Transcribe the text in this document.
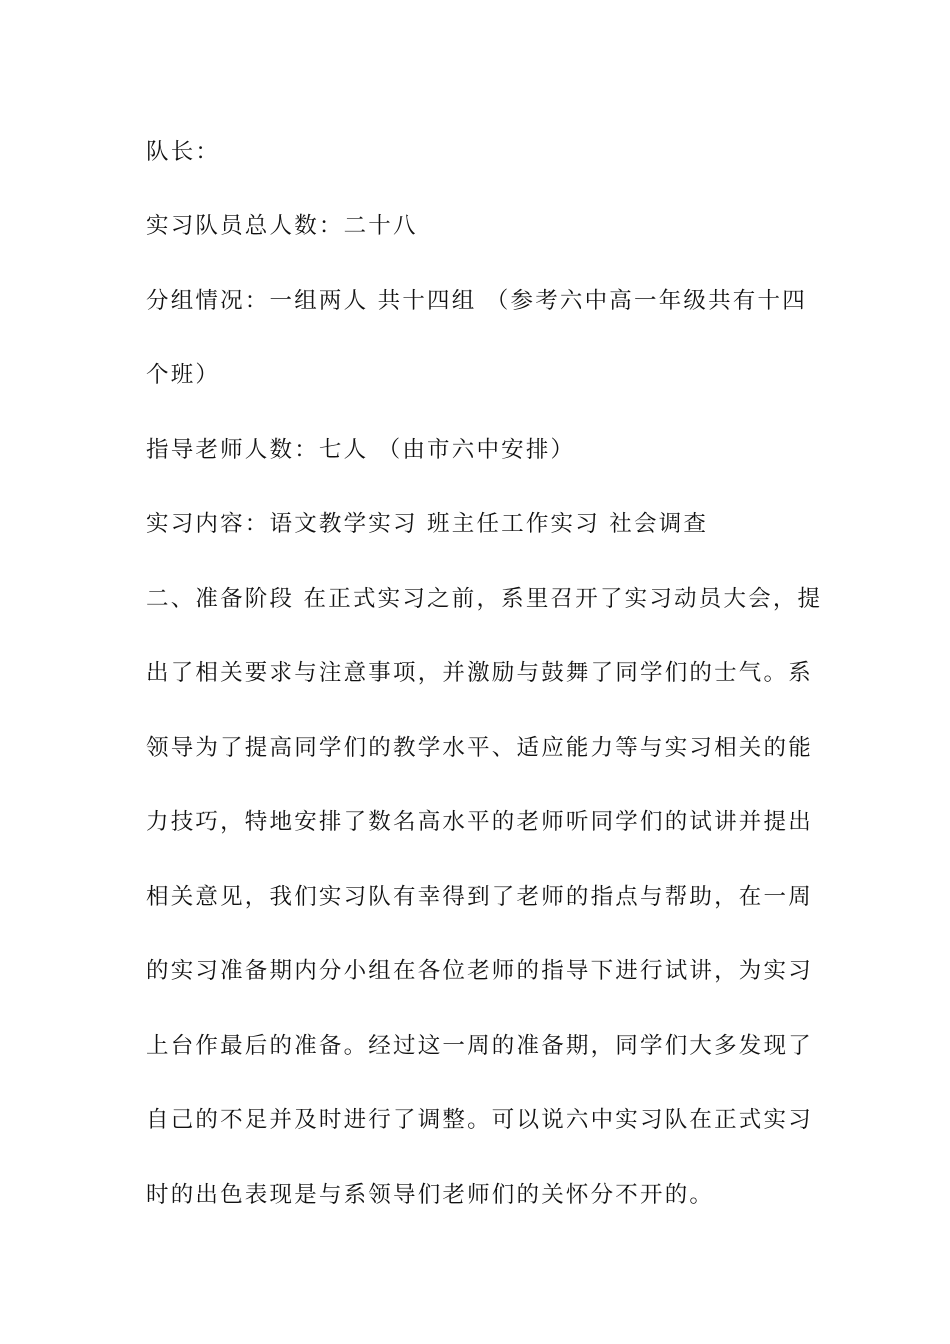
队长：
实习队员总人数：二十八
分组情况：一组两人 共十四组 （参考六中高一年级共有十四
个班）
指导老师人数：七人 （由市六中安排）
实习内容：语文教学实习 班主任工作实习 社会调查
二、准备阶段 在正式实习之前，系里召开了实习动员大会，提
出了相关要求与注意事项，并激励与鼓舞了同学们的士气。系
领导为了提高同学们的教学水平、适应能力等与实习相关的能
力技巧，特地安排了数名高水平的老师听同学们的试讲并提出
相关意见，我们实习队有幸得到了老师的指点与帮助，在一周
的实习准备期内分小组在各位老师的指导下进行试讲，为实习
上台作最后的准备。经过这一周的准备期，同学们大多发现了
自己的不足并及时进行了调整。可以说六中实习队在正式实习
时的出色表现是与系领导们老师们的关怀分不开的。
